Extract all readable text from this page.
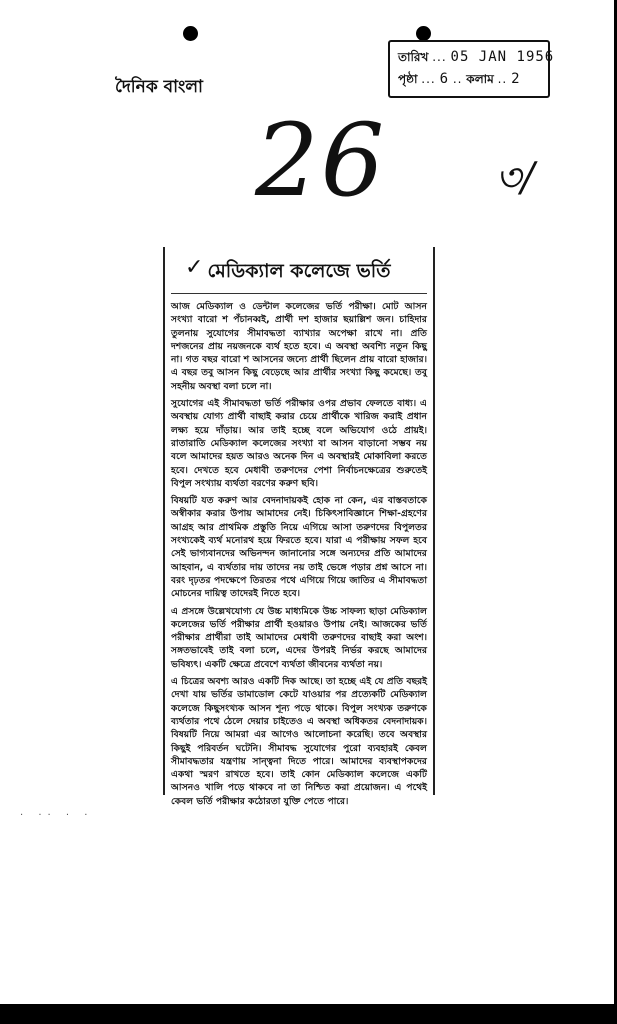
দৈনিক বাংলা
তারিখ ... 05 JAN 1956
পৃষ্ঠা ... 6 .. কলাম .. 2
26	৩/
✓ মেডিক্যাল কলেজে ভর্তি

আজ মেডিক্যাল ও ডেন্টাল কলেজের ভর্তি পরীক্ষা। মোট আসন সংখ্যা বারো শ পঁচানব্বই, প্রার্থী দশ হাজার ছয়াল্লিশ জন। চাহিদার তুলনায় সুযোগের সীমাবদ্ধতা ব্যাখ্যার অপেক্ষা রাখে না। প্রতি দশজনের প্রায় নয়জনকে ব্যর্থ হতে হবে। এ অবস্থা অবশ্যি নতুন কিছু না। গত বছর বারো শ আসনের জন্যে প্রার্থী ছিলেন প্রায় বারো হাজার। এ বছর তবু আসন কিছু বেড়েছে আর প্রার্থীর সংখ্যা কিছু কমেছে। তবু সহনীয় অবস্থা বলা চলে না।

সুযোগের এই সীমাবদ্ধতা ভর্তি পরীক্ষার ওপর প্রভাব ফেলতে বাধ্য। এ অবস্থায় যোগ্য প্রার্থী বাছাই করার চেয়ে প্রার্থীকে খারিজ করাই প্রধান লক্ষ্য হয়ে দাঁড়ায়। আর তাই হচ্ছে বলে অভিযোগ ওঠে প্রায়ই। রাতারাতি মেডিক্যাল কলেজের সংখ্যা বা আসন বাড়ানো সম্ভব নয় বলে আমাদের হয়ত আরও অনেক দিন এ অবস্থারই মোকাবিলা করতে হবে। দেখতে হবে মেধাবী তরুণদের পেশা নির্বাচনক্ষেত্রের শুরুতেই বিপুল সংখ্যায় ব্যর্থতা বরণের করুণ ছবি।

বিষয়টি যত করুণ আর বেদনাদায়কই হোক না কেন, এর বাস্তবতাকে অস্বীকার করার উপায় আমাদের নেই। চিকিৎসাবিজ্ঞানে শিক্ষা-গ্রহণের আগ্রহ আর প্রাথমিক প্রস্তুতি নিয়ে এগিয়ে আসা তরুণদের বিপুলতর সংখ্যকেই ব্যর্থ মনোরথ হয়ে ফিরতে হবে। যারা এ পরীক্ষায় সফল হবে সেই ভাগ্যবানদের অভিনন্দন জানানোর সঙ্গে অন্যদের প্রতি আমাদের আহবান, এ ব্যর্থতার দায় তাদের নয় তাই ভেঙ্গে পড়ার প্রশ্ন আসে না। বরং দৃঢ়তর পদক্ষেপে তিরতর পথে এগিয়ে গিয়ে জাতির এ সীমাবদ্ধতা মোচনের দায়িত্ব তাদেরই নিতে হবে।

এ প্রসঙ্গে উল্লেখযোগ্য যে উচ্চ মাধ্যমিকে উচ্চ সাফল্য ছাড়া মেডিক্যাল কলেজের ভর্তি পরীক্ষার প্রার্থী হওয়ারও উপায় নেই। আজকের ভর্তি পরীক্ষার প্রার্থীরা তাই আমাদের মেধাবী তরুণদের বাছাই করা অংশ। সঙ্গতভাবেই তাই বলা চলে, এদের উপরই নির্ভর করছে আমাদের ভবিষ্যৎ। একটি ক্ষেত্রে প্রবেশে ব্যর্থতা জীবনের ব্যর্থতা নয়।

এ চিত্রের অবশ্য আরও একটি দিক আছে। তা হচ্ছে এই যে প্রতি বছরই দেখা যায় ভর্তির ডামাডোল কেটে যাওয়ার পর প্রত্যেকটি মেডিক্যাল কলেজে কিছুসংখ্যক আসন শূন্য পড়ে থাকে। বিপুল সংখ্যক তরুণকে ব্যর্থতার পথে ঠেলে দেয়ার চাইতেও এ অবস্থা অধিকতর বেদনাদায়ক। বিষয়টি নিয়ে আমরা এর আগেও আলোচনা করেছি। তবে অবস্থার কিছুই পরিবর্তন ঘটেনি। সীমাবদ্ধ সুযোগের পুরো ব্যবহারই কেবল সীমাবদ্ধতার যন্ত্রণায় সান্ত্বনা দিতে পারে। আমাদের ব্যবস্থাপকদের একথা স্মরণ রাখতে হবে। তাই কোন মেডিক্যাল কলেজে একটি আসনও খালি পড়ে থাকবে না তা নিশ্চিত করা প্রয়োজন। এ পথেই কেবল ভর্তি পরীক্ষার কঠোরতা যুক্তি পেতে পারে।

· ·· · ·
